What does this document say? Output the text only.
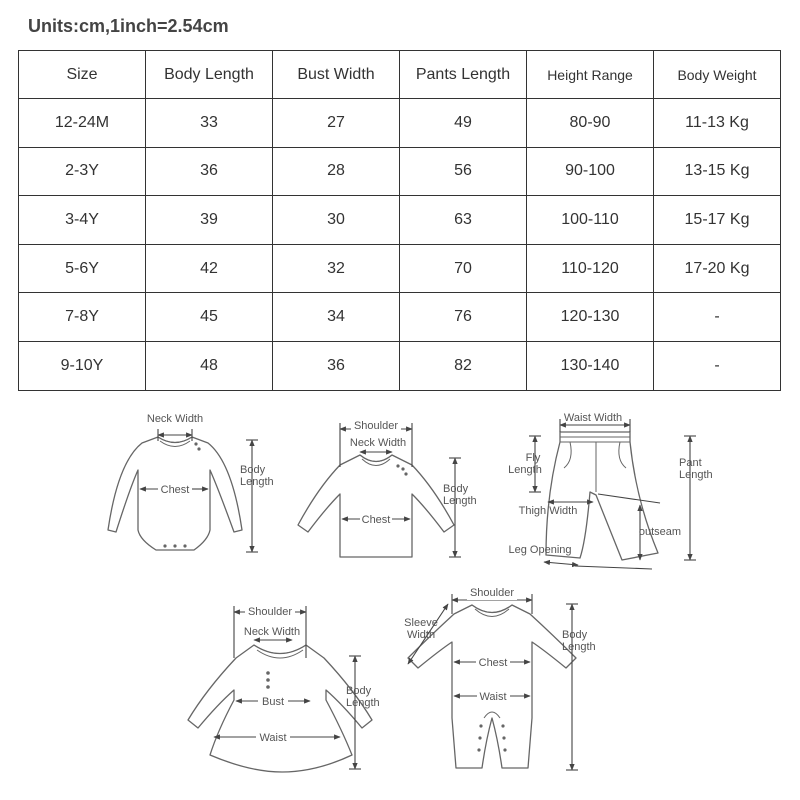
Units:cm,1inch=2.54cm
Size	Body Length	Bust Width	Pants Length	Height Range	Body Weight
12-24M	33	27	49	80-90	11-13 Kg
2-3Y	36	28	56	90-100	13-15 Kg
3-4Y	39	30	63	100-110	15-17 Kg
5-6Y	42	32	70	110-120	17-20 Kg
7-8Y	45	34	76	120-130	-
9-10Y	48	36	82	130-140	-
Neck Width
Chest
Body
Length
Shoulder
Neck Width
Chest
Body
Length
Waist Width
Fly
Length
Pant
Length
Thigh Width
outseam
Leg Opening
Shoulder
Neck Width
Bust
Waist
Body
Length
Shoulder
Sleeve
Width
Chest
Waist
Body
Length
